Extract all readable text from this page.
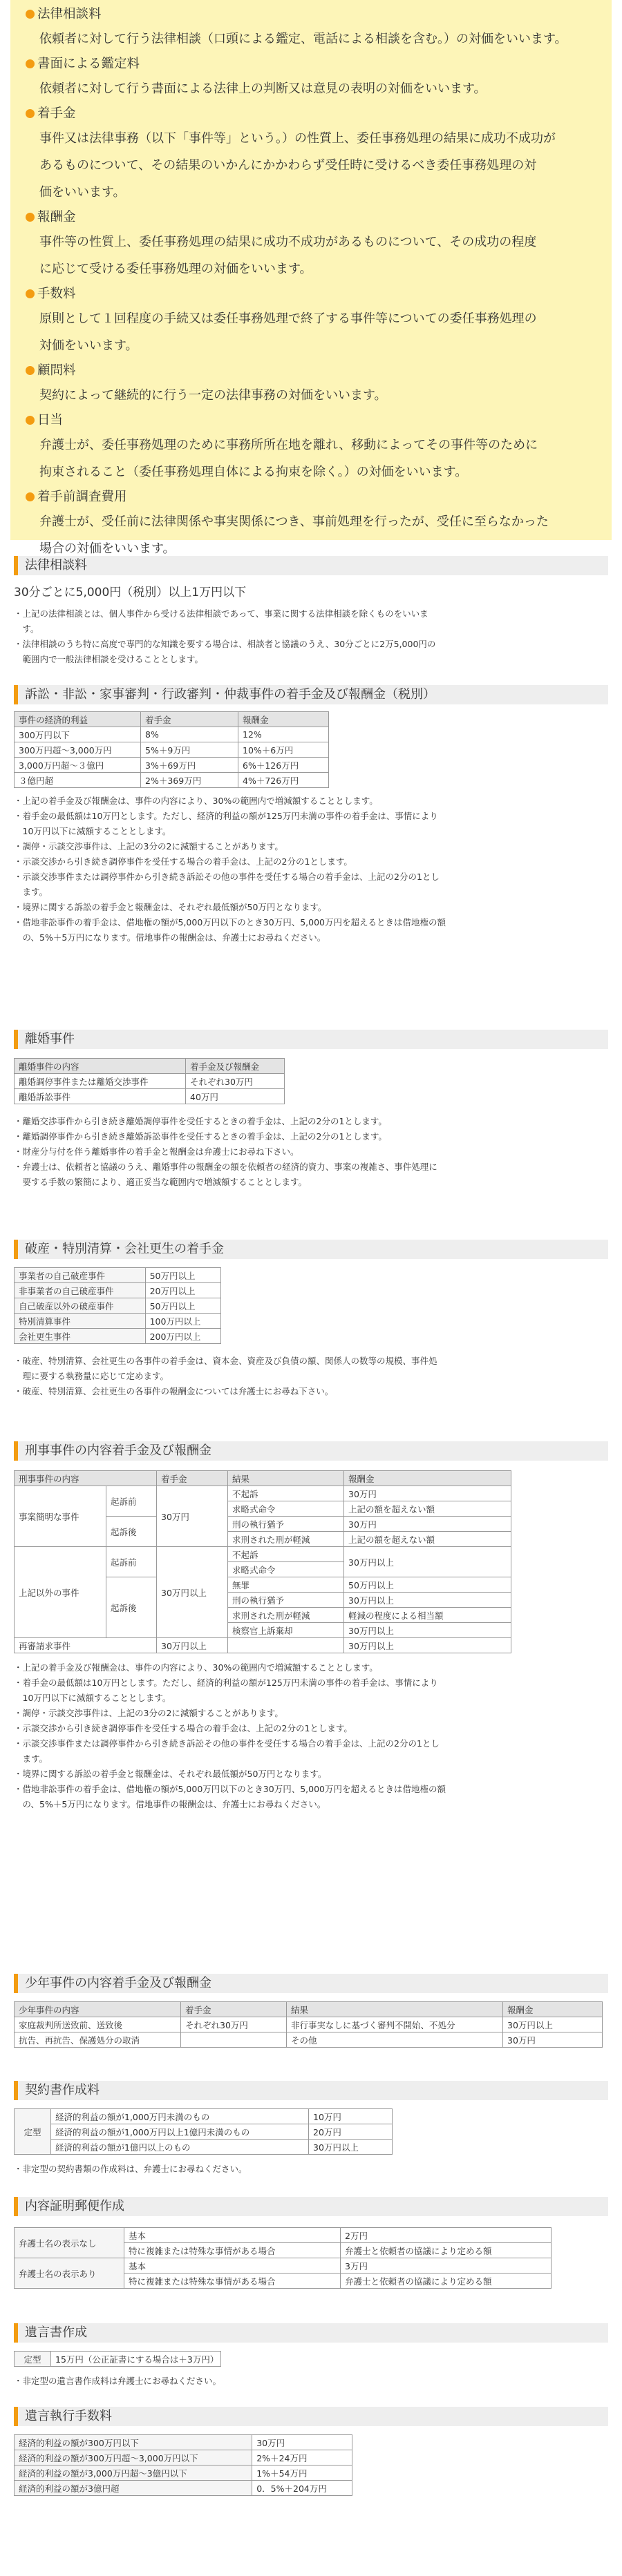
法律相談料
依頼者に対して行う法律相談（口頭による鑑定、電話による相談を含む。）の対価をいいます。
書面による鑑定料
依頼者に対して行う書面による法律上の判断又は意見の表明の対価をいいます。
着手金
事件又は法律事務（以下「事件等」という。）の性質上、委任事務処理の結果に成功不成功が
あるものについて、その結果のいかんにかかわらず受任時に受けるべき委任事務処理の対
価をいいます。
報酬金
事件等の性質上、委任事務処理の結果に成功不成功があるものについて、その成功の程度
に応じて受ける委任事務処理の対価をいいます。
手数料
原則として１回程度の手続又は委任事務処理で終了する事件等についての委任事務処理の
対価をいいます。
顧問料
契約によって継続的に行う一定の法律事務の対価をいいます。
日当
弁護士が、委任事務処理のために事務所所在地を離れ、移動によってその事件等のために
拘束されること（委任事務処理自体による拘束を除く。）の対価をいいます。
着手前調査費用
弁護士が、受任前に法律関係や事実関係につき、事前処理を行ったが、受任に至らなかった
場合の対価をいいます。
法律相談料
30分ごとに5,000円（税別）以上1万円以下
・上記の法律相談とは、個人事件から受ける法律相談であって、事業に関する法律相談を除くものをいいま
　す。
・法律相談のうち特に高度で専門的な知識を要する場合は、相談者と協議のうえ、30分ごとに2万5,000円の
　範囲内で一般法律相談を受けることとします。
訴訟・非訟・家事審判・行政審判・仲裁事件の着手金及び報酬金（税別）
事件の経済的利益	着手金	報酬金
300万円以下	8%	12%
300万円超～3,000万円	5%＋9万円	10%＋6万円
3,000万円超～３億円	3%＋69万円	6%＋126万円
３億円超	2%＋369万円	4%＋726万円
・上記の着手金及び報酬金は、事件の内容により、30%の範囲内で増減額することとします。
・着手金の最低額は10万円とします。ただし、経済的利益の額が125万円未満の事件の着手金は、事情により
　10万円以下に減額することとします。
・調停・示談交渉事件は、上記の3分の2に減額することがあります。
・示談交渉から引き続き調停事件を受任する場合の着手金は、上記の2分の1とします。
・示談交渉事件または調停事件から引き続き訴訟その他の事件を受任する場合の着手金は、上記の2分の1とし
　ます。
・境界に関する訴訟の着手金と報酬金は、それぞれ最低額が50万円となります。
・借地非訟事件の着手金は、借地権の額が5,000万円以下のとき30万円、5,000万円を超えるときは借地権の額
　の、5%＋5万円になります。借地事件の報酬金は、弁護士にお尋ねください。
離婚事件
離婚事件の内容	着手金及び報酬金
離婚調停事件または離婚交渉事件	それぞれ30万円
離婚訴訟事件	40万円
・離婚交渉事件から引き続き離婚調停事件を受任するときの着手金は、上記の2分の1とします。
・離婚調停事件から引き続き離婚訴訟事件を受任するときの着手金は、上記の2分の1とします。
・財産分与付を伴う離婚事件の着手金と報酬金は弁護士にお尋ね下さい。
・弁護士は、依頼者と協議のうえ、離婚事件の報酬金の額を依頼者の経済的資力、事案の複雑さ、事件処理に
　要する手数の繁簡により、適正妥当な範囲内で増減額することとします。
破産・特別清算・会社更生の着手金
事業者の自己破産事件	50万円以上
非事業者の自己破産事件	20万円以上
自己破産以外の破産事件	50万円以上
特別清算事件	100万円以上
会社更生事件	200万円以上
・破産、特別清算、会社更生の各事件の着手金は、資本金、資産及び負債の額、関係人の数等の規模、事件処
　理に要する執務量に応じて定めます。
・破産、特別清算、会社更生の各事件の報酬金については弁護士にお尋ね下さい。
刑事事件の内容着手金及び報酬金
刑事事件の内容		着手金	結果	報酬金
事案簡明な事件	起訴前	30万円	不起訴	30万円
			求略式命令	上記の額を超えない額
	起訴後		刑の執行猶予	30万円
			求刑された刑が軽減	上記の額を超えない額
上記以外の事件	起訴前	30万円以上	不起訴	30万円以上
			求略式命令	
	起訴後		無罪	50万円以上
			刑の執行猶予	30万円以上
			求刑された刑が軽減	軽減の程度による相当額
			検察官上訴棄却	30万円以上
再審請求事件		30万円以上		30万円以上
・上記の着手金及び報酬金は、事件の内容により、30%の範囲内で増減額することとします。
・着手金の最低額は10万円とします。ただし、経済的利益の額が125万円未満の事件の着手金は、事情により
　10万円以下に減額することとします。
・調停・示談交渉事件は、上記の3分の2に減額することがあります。
・示談交渉から引き続き調停事件を受任する場合の着手金は、上記の2分の1とします。
・示談交渉事件または調停事件から引き続き訴訟その他の事件を受任する場合の着手金は、上記の2分の1とし
　ます。
・境界に関する訴訟の着手金と報酬金は、それぞれ最低額が50万円となります。
・借地非訟事件の着手金は、借地権の額が5,000万円以下のとき30万円、5,000万円を超えるときは借地権の額
　の、5%＋5万円になります。借地事件の報酬金は、弁護士にお尋ねください。
少年事件の内容着手金及び報酬金
少年事件の内容	着手金	結果	報酬金
家庭裁判所送致前、送致後	それぞれ30万円	非行事実なしに基づく審判不開始、不処分	30万円以上
抗告、再抗告、保護処分の取消		その他	30万円
契約書作成料
定型	経済的利益の額が1,000万円未満のもの	10万円
	経済的利益の額が1,000万円以上1億円未満のもの	20万円
	経済的利益の額が1億円以上のもの	30万円以上
・非定型の契約書類の作成料は、弁護士にお尋ねください。
内容証明郵便作成
弁護士名の表示なし	基本	2万円
	特に複雑または特殊な事情がある場合	弁護士と依頼者の協議により定める額
弁護士名の表示あり	基本	3万円
	特に複雑または特殊な事情がある場合	弁護士と依頼者の協議により定める額
遺言書作成
定型	15万円（公正証書にする場合は＋3万円）
・非定型の遺言書作成料は弁護士にお尋ねください。
遺言執行手数料
経済的利益の額が300万円以下	30万円
経済的利益の額が300万円超～3,000万円以下	2%＋24万円
経済的利益の額が3,000万円超～3億円以下	1%＋54万円
経済的利益の額が3億円超	0．5%＋204万円
